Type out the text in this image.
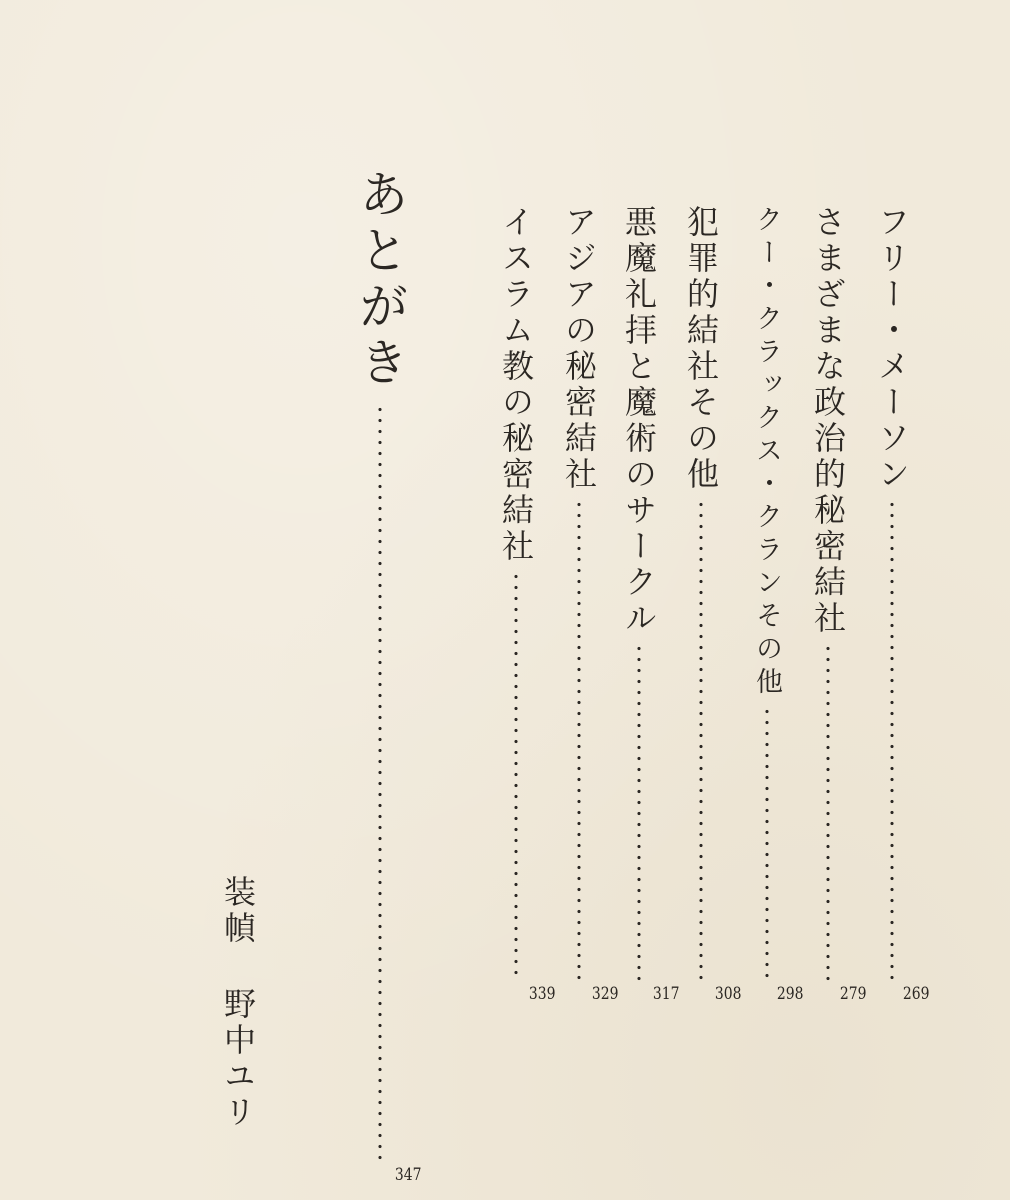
フリー・メーソン
269
さまざまな政治的秘密結社
279
クー・クラックス・クランその他
298
犯罪的結社その他
308
悪魔礼拝と魔術のサークル
317
アジアの秘密結社
329
イスラム教の秘密結社
339
あとがき
347
装幀
野中ユリ
